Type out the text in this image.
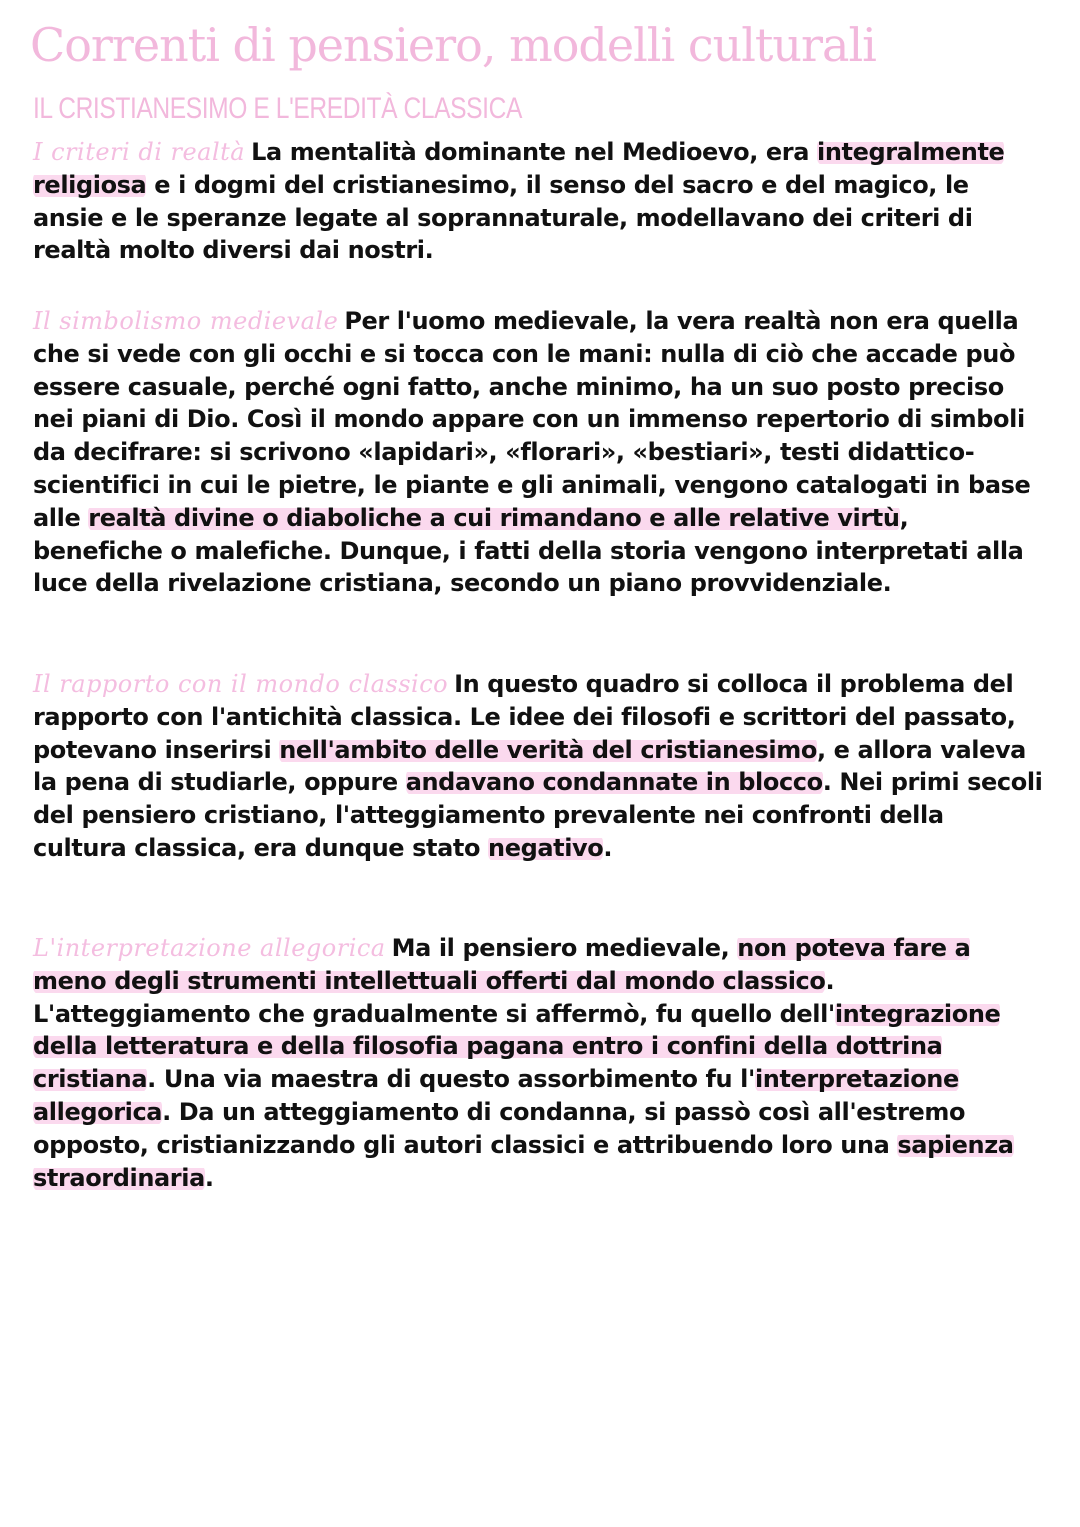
Correnti di pensiero, modelli culturali
IL CRISTIANESIMO E L'EREDITÀ CLASSICA

I criteri di realtà La mentalità dominante nel Medioevo, era integralmente religiosa e i dogmi del cristianesimo, il senso del sacro e del magico, le ansie e le speranze legate al soprannaturale, modellavano dei criteri di realtà molto diversi dai nostri.

Il simbolismo medievale Per l'uomo medievale, la vera realtà non era quella che si vede con gli occhi e si tocca con le mani: nulla di ciò che accade può essere casuale, perché ogni fatto, anche minimo, ha un suo posto preciso nei piani di Dio. Così il mondo appare con un immenso repertorio di simboli da decifrare: si scrivono «lapidari», «florari», «bestiari», testi didattico-scientifici in cui le pietre, le piante e gli animali, vengono catalogati in base alle realtà divine o diaboliche a cui rimandano e alle relative virtù, benefiche o malefiche. Dunque, i fatti della storia vengono interpretati alla luce della rivelazione cristiana, secondo un piano provvidenziale.

Il rapporto con il mondo classico In questo quadro si colloca il problema del rapporto con l'antichità classica. Le idee dei filosofi e scrittori del passato, potevano inserirsi nell'ambito delle verità del cristianesimo, e allora valeva la pena di studiarle, oppure andavano condannate in blocco. Nei primi secoli del pensiero cristiano, l'atteggiamento prevalente nei confronti della cultura classica, era dunque stato negativo.

L'interpretazione allegorica Ma il pensiero medievale, non poteva fare a meno degli strumenti intellettuali offerti dal mondo classico. L'atteggiamento che gradualmente si affermò, fu quello dell'integrazione della letteratura e della filosofia pagana entro i confini della dottrina cristiana. Una via maestra di questo assorbimento fu l'interpretazione allegorica. Da un atteggiamento di condanna, si passò così all'estremo opposto, cristianizzando gli autori classici e attribuendo loro una sapienza straordinaria.
